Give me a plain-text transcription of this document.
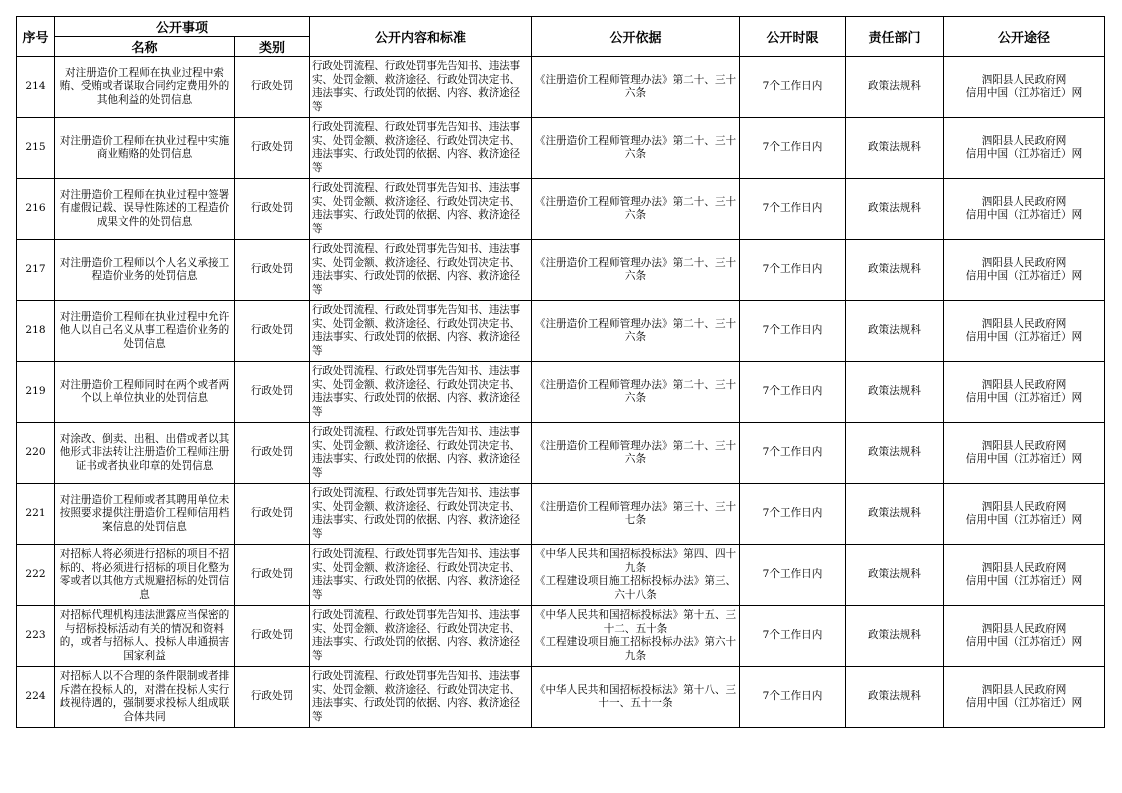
序号	公开事项		公开内容和标准	公开依据	公开时限	责任部门	公开途径
	名称	类别					

214	对注册造价工程师在执业过程中索贿、受贿或者谋取合同约定费用外的其他利益的处罚信息	行政处罚	行政处罚流程、行政处罚事先告知书、违法事实、处罚金额、救济途径、行政处罚决定书、违法事实、行政处罚的依据、内容、救济途径等	《注册造价工程师管理办法》第二十、三十六条	7个工作日内	政策法规科	泗阳县人民政府网
信用中国（江苏宿迁）网

215	对注册造价工程师在执业过程中实施商业贿赂的处罚信息	行政处罚	行政处罚流程、行政处罚事先告知书、违法事实、处罚金额、救济途径、行政处罚决定书、违法事实、行政处罚的依据、内容、救济途径等	《注册造价工程师管理办法》第二十、三十六条	7个工作日内	政策法规科	泗阳县人民政府网
信用中国（江苏宿迁）网

216	对注册造价工程师在执业过程中签署有虚假记载、误导性陈述的工程造价成果文件的处罚信息	行政处罚	行政处罚流程、行政处罚事先告知书、违法事实、处罚金额、救济途径、行政处罚决定书、违法事实、行政处罚的依据、内容、救济途径等	《注册造价工程师管理办法》第二十、三十六条	7个工作日内	政策法规科	泗阳县人民政府网
信用中国（江苏宿迁）网

217	对注册造价工程师以个人名义承接工程造价业务的处罚信息	行政处罚	行政处罚流程、行政处罚事先告知书、违法事实、处罚金额、救济途径、行政处罚决定书、违法事实、行政处罚的依据、内容、救济途径等	《注册造价工程师管理办法》第二十、三十六条	7个工作日内	政策法规科	泗阳县人民政府网
信用中国（江苏宿迁）网

218	对注册造价工程师在执业过程中允许他人以自己名义从事工程造价业务的处罚信息	行政处罚	行政处罚流程、行政处罚事先告知书、违法事实、处罚金额、救济途径、行政处罚决定书、违法事实、行政处罚的依据、内容、救济途径等	《注册造价工程师管理办法》第二十、三十六条	7个工作日内	政策法规科	泗阳县人民政府网
信用中国（江苏宿迁）网

219	对注册造价工程师同时在两个或者两个以上单位执业的处罚信息	行政处罚	行政处罚流程、行政处罚事先告知书、违法事实、处罚金额、救济途径、行政处罚决定书、违法事实、行政处罚的依据、内容、救济途径等	《注册造价工程师管理办法》第二十、三十六条	7个工作日内	政策法规科	泗阳县人民政府网
信用中国（江苏宿迁）网

220	对涂改、倒卖、出租、出借或者以其他形式非法转让注册造价工程师注册证书或者执业印章的处罚信息	行政处罚	行政处罚流程、行政处罚事先告知书、违法事实、处罚金额、救济途径、行政处罚决定书、违法事实、行政处罚的依据、内容、救济途径等	《注册造价工程师管理办法》第二十、三十六条	7个工作日内	政策法规科	泗阳县人民政府网
信用中国（江苏宿迁）网

221	对注册造价工程师或者其聘用单位未按照要求提供注册造价工程师信用档案信息的处罚信息	行政处罚	行政处罚流程、行政处罚事先告知书、违法事实、处罚金额、救济途径、行政处罚决定书、违法事实、行政处罚的依据、内容、救济途径等	《注册造价工程师管理办法》第三十、三十七条	7个工作日内	政策法规科	泗阳县人民政府网
信用中国（江苏宿迁）网

222	对招标人将必须进行招标的项目不招标的、将必须进行招标的项目化整为零或者以其他方式规避招标的处罚信息	行政处罚	行政处罚流程、行政处罚事先告知书、违法事实、处罚金额、救济途径、行政处罚决定书、违法事实、行政处罚的依据、内容、救济途径等	《中华人民共和国招标投标法》第四、四十九条
《工程建设项目施工招标投标办法》第三、六十八条	7个工作日内	政策法规科	泗阳县人民政府网
信用中国（江苏宿迁）网

223	对招标代理机构违法泄露应当保密的与招标投标活动有关的情况和资料的，或者与招标人、投标人串通损害国家利益	行政处罚	行政处罚流程、行政处罚事先告知书、违法事实、处罚金额、救济途径、行政处罚决定书、违法事实、行政处罚的依据、内容、救济途径等	《中华人民共和国招标投标法》第十五、三十二、五十条
《工程建设项目施工招标投标办法》第六十九条	7个工作日内	政策法规科	泗阳县人民政府网
信用中国（江苏宿迁）网

224	对招标人以不合理的条件限制或者排斥潜在投标人的，对潜在投标人实行歧视待遇的，强制要求投标人组成联合体共同	行政处罚	行政处罚流程、行政处罚事先告知书、违法事实、处罚金额、救济途径、行政处罚决定书、违法事实、行政处罚的依据、内容、救济途径等	《中华人民共和国招标投标法》第十八、三十一、五十一条	7个工作日内	政策法规科	泗阳县人民政府网
信用中国（江苏宿迁）网
